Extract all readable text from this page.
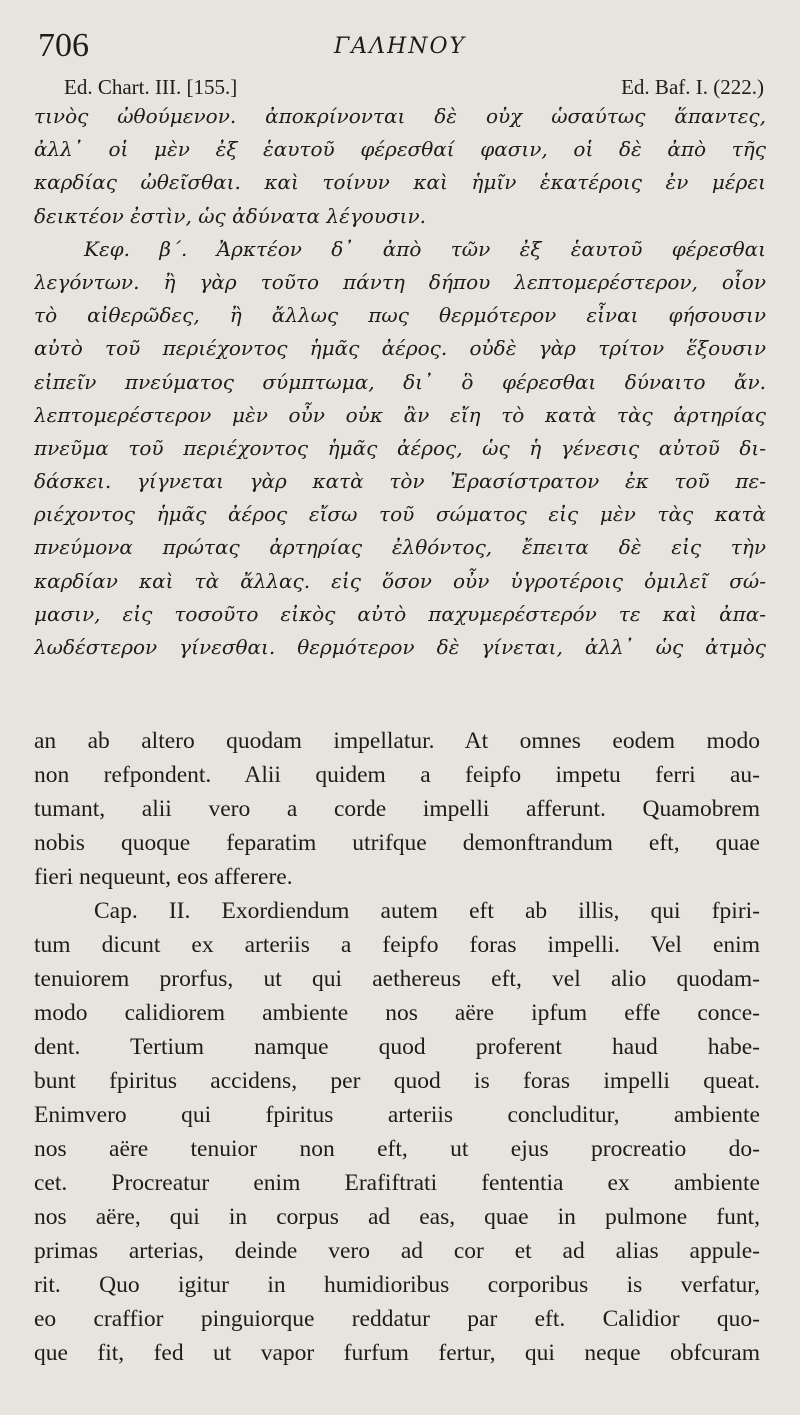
706	ΓΑΛΗΝΟΥ
Ed. Chart. III. [155.]	Ed. Baf. I. (222.)
τινὸς ὠθούμενον. ἀποκρίνονται δὲ οὐχ ὡσαύτως ἅπαντες,
ἀλλ᾽ οἱ μὲν ἐξ ἑαυτοῦ φέρεσθαί φασιν, οἱ δὲ ἀπὸ τῆς
καρδίας ὠθεῖσθαι. καὶ τοίνυν καὶ ἡμῖν ἑκατέροις ἐν μέρει
δεικτέον ἐστὶν, ὡς ἀδύνατα λέγουσιν.
Κεφ. β΄. Ἀρκτέον δ᾽ ἀπὸ τῶν ἐξ ἑαυτοῦ φέρεσθαι
λεγόντων. ἢ γὰρ τοῦτο πάντη δήπου λεπτομερέστερον, οἷον
τὸ αἰθερῶδες, ἢ ἄλλως πως θερμότερον εἶναι φήσουσιν
αὐτὸ τοῦ περιέχοντος ἡμᾶς ἀέρος. οὐδὲ γὰρ τρίτον ἕξουσιν
εἰπεῖν πνεύματος σύμπτωμα, δι᾽ ὃ φέρεσθαι δύναιτο ἄν.
λεπτομερέστερον μὲν οὖν οὐκ ἂν εἴη τὸ κατὰ τὰς ἀρτηρίας
πνεῦμα τοῦ περιέχοντος ἡμᾶς ἀέρος, ὡς ἡ γένεσις αὐτοῦ δι-
δάσκει. γίγνεται γὰρ κατὰ τὸν Ἐρασίστρατον ἐκ τοῦ πε-
ριέχοντος ἡμᾶς ἀέρος εἴσω τοῦ σώματος εἰς μὲν τὰς κατὰ
πνεύμονα πρώτας ἀρτηρίας ἐλθόντος, ἔπειτα δὲ εἰς τὴν
καρδίαν καὶ τὰ ἄλλας. εἰς ὅσον οὖν ὑγροτέροις ὁμιλεῖ σώ-
μασιν, εἰς τοσοῦτο εἰκὸς αὐτὸ παχυμερέστερόν τε καὶ ἀπα-
λωδέστερον γίνεσθαι. θερμότερον δὲ γίνεται, ἀλλ᾽ ὡς ἀτμὸς
an ab altero quodam impellatur. At omnes eodem modo
non refpondent. Alii quidem a feipfo impetu ferri au-
tumant, alii vero a corde impelli afferunt. Quamobrem
nobis quoque feparatim utrifque demonftrandum eft, quae
fieri nequeunt, eos afferere.
Cap. II. Exordiendum autem eft ab illis, qui fpiri-
tum dicunt ex arteriis a feipfo foras impelli. Vel enim
tenuiorem prorfus, ut qui aethereus eft, vel alio quodam-
modo calidiorem ambiente nos aëre ipfum effe conce-
dent. Tertium namque quod proferent haud habe-
bunt fpiritus accidens, per quod is foras impelli queat.
Enimvero qui fpiritus arteriis concluditur, ambiente
nos aëre tenuior non eft, ut ejus procreatio do-
cet. Procreatur enim Erafiftrati fententia ex ambiente
nos aëre, qui in corpus ad eas, quae in pulmone funt,
primas arterias, deinde vero ad cor et ad alias appule-
rit. Quo igitur in humidioribus corporibus is verfatur,
eo craffior pinguiorque reddatur par eft. Calidior quo-
que fit, fed ut vapor furfum fertur, qui neque obfcuram
